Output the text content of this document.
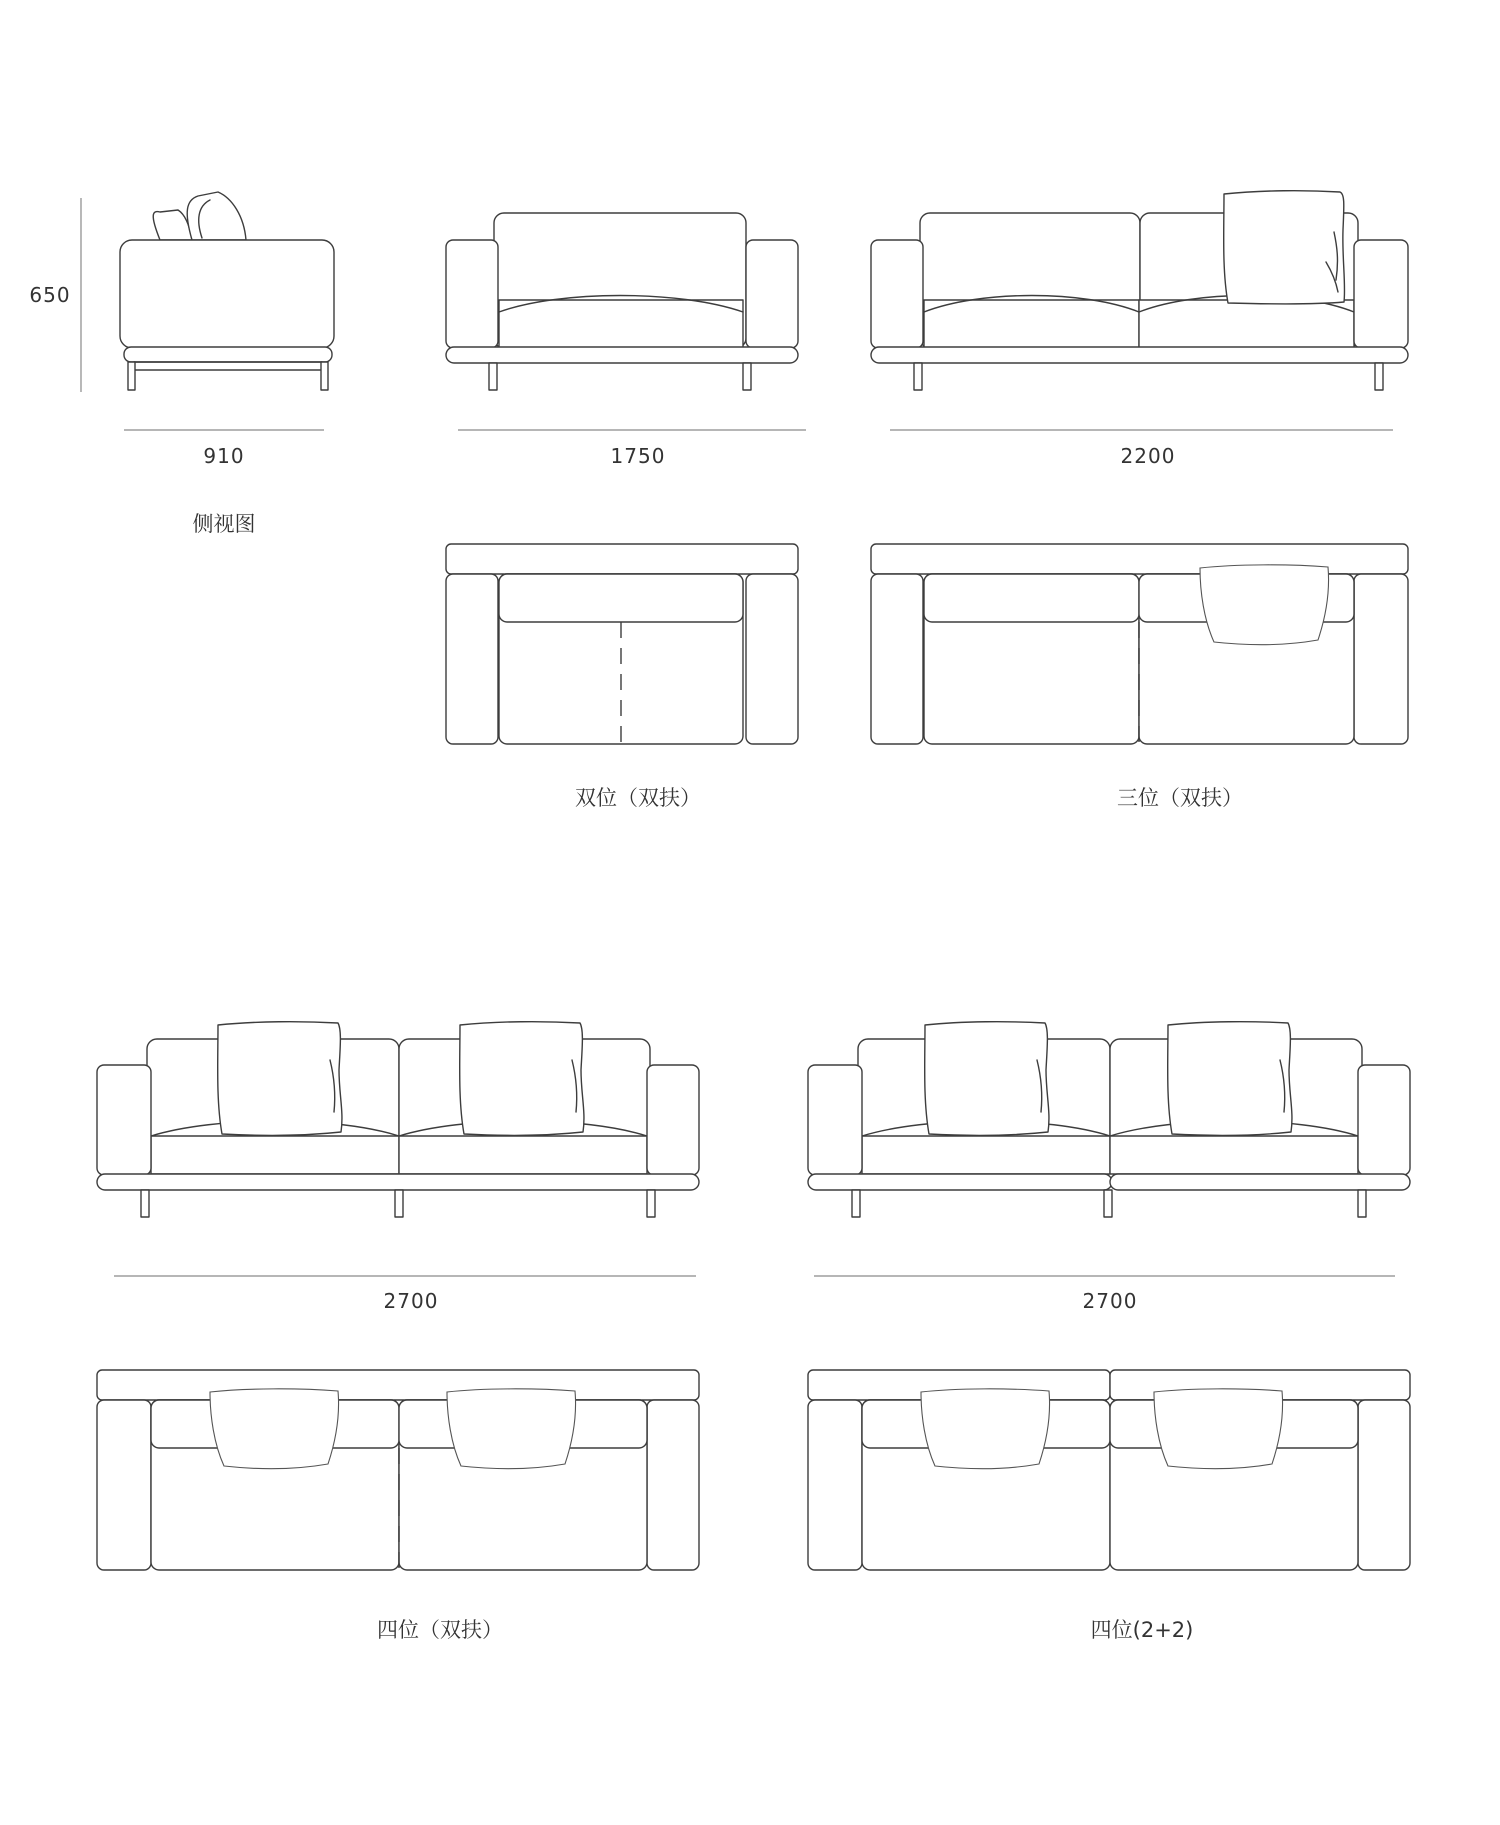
650
910
侧视图
1750	2200
双位（双扶）	三位（双扶）
2700	2700
四位（双扶）	四位(2+2)
